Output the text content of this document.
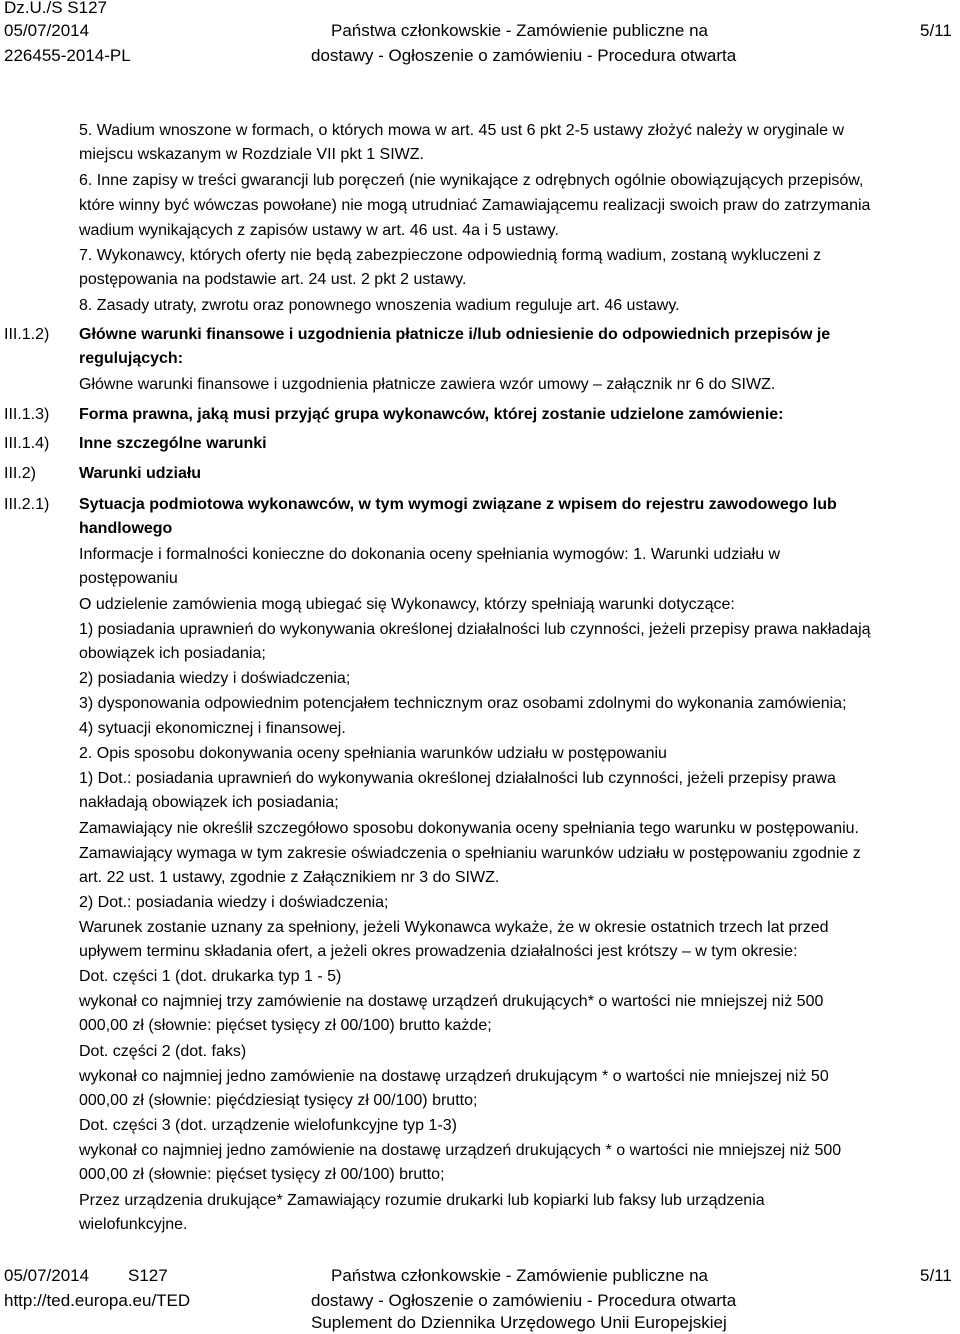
Dz.U./S S127
05/07/2014
226455-2014-PL
Państwa członkowskie - Zamówienie publiczne na
dostawy - Ogłoszenie o zamówieniu - Procedura otwarta
5/11
III.1.2)
III.1.3)
III.1.4)
III.2)
III.2.1)
5. Wadium wnoszone w formach, o których mowa w art. 45 ust 6 pkt 2-5 ustawy złożyć należy w oryginale w
miejscu wskazanym w Rozdziale VII pkt 1 SIWZ.
6. Inne zapisy w treści gwarancji lub poręczeń (nie wynikające z odrębnych ogólnie obowiązujących przepisów,
które winny być wówczas powołane) nie mogą utrudniać Zamawiającemu realizacji swoich praw do zatrzymania
wadium wynikających z zapisów ustawy w art. 46 ust. 4a i 5 ustawy.
7. Wykonawcy, których oferty nie będą zabezpieczone odpowiednią formą wadium, zostaną wykluczeni z
postępowania na podstawie art. 24 ust. 2 pkt 2 ustawy.
8. Zasady utraty, zwrotu oraz ponownego wnoszenia wadium reguluje art. 46 ustawy.
Główne warunki finansowe i uzgodnienia płatnicze i/lub odniesienie do odpowiednich przepisów je
regulujących:
Główne warunki finansowe i uzgodnienia płatnicze zawiera wzór umowy – załącznik nr 6 do SIWZ.
Forma prawna, jaką musi przyjąć grupa wykonawców, której zostanie udzielone zamówienie:
Inne szczególne warunki
Warunki udziału
Sytuacja podmiotowa wykonawców, w tym wymogi związane z wpisem do rejestru zawodowego lub
handlowego
Informacje i formalności konieczne do dokonania oceny spełniania wymogów: 1. Warunki udziału w
postępowaniu
O udzielenie zamówienia mogą ubiegać się Wykonawcy, którzy spełniają warunki dotyczące:
1) posiadania uprawnień do wykonywania określonej działalności lub czynności, jeżeli przepisy prawa nakładają
obowiązek ich posiadania;
2) posiadania wiedzy i doświadczenia;
3) dysponowania odpowiednim potencjałem technicznym oraz osobami zdolnymi do wykonania zamówienia;
4) sytuacji ekonomicznej i finansowej.
2. Opis sposobu dokonywania oceny spełniania warunków udziału w postępowaniu
1) Dot.: posiadania uprawnień do wykonywania określonej działalności lub czynności, jeżeli przepisy prawa
nakładają obowiązek ich posiadania;
Zamawiający nie określił szczegółowo sposobu dokonywania oceny spełniania tego warunku w postępowaniu.
Zamawiający wymaga w tym zakresie oświadczenia o spełnianiu warunków udziału w postępowaniu zgodnie z
art. 22 ust. 1 ustawy, zgodnie z Załącznikiem nr 3 do SIWZ.
2) Dot.: posiadania wiedzy i doświadczenia;
Warunek zostanie uznany za spełniony, jeżeli Wykonawca wykaże, że w okresie ostatnich trzech lat przed
upływem terminu składania ofert, a jeżeli okres prowadzenia działalności jest krótszy – w tym okresie:
Dot. części 1 (dot. drukarka typ 1 - 5)
wykonał co najmniej trzy zamówienie na dostawę urządzeń drukujących* o wartości nie mniejszej niż 500
000,00 zł (słownie: pięćset tysięcy zł 00/100) brutto każde;
Dot. części 2 (dot. faks)
wykonał co najmniej jedno zamówienie na dostawę urządzeń drukującym * o wartości nie mniejszej niż 50
000,00 zł (słownie: pięćdziesiąt tysięcy zł 00/100) brutto;
Dot. części 3 (dot. urządzenie wielofunkcyjne typ 1-3)
wykonał co najmniej jedno zamówienie na dostawę urządzeń drukujących * o wartości nie mniejszej niż 500
000,00 zł (słownie: pięćset tysięcy zł 00/100) brutto;
Przez urządzenia drukujące* Zamawiający rozumie drukarki lub kopiarki lub faksy lub urządzenia
wielofunkcyjne.
05/07/2014 S127
http://ted.europa.eu/TED
Państwa członkowskie - Zamówienie publiczne na
dostawy - Ogłoszenie o zamówieniu - Procedura otwarta
Suplement do Dziennika Urzędowego Unii Europejskiej
5/11
